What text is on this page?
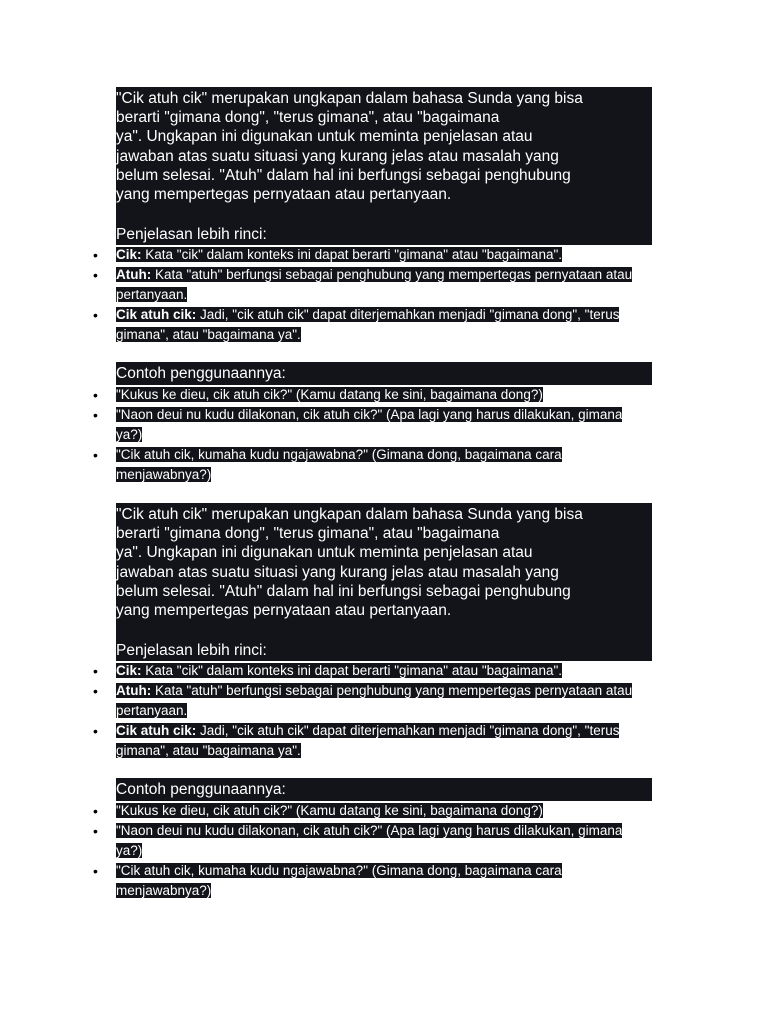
"Cik atuh cik" merupakan ungkapan dalam bahasa Sunda yang bisa
berarti "gimana dong", "terus gimana", atau "bagaimana
ya". Ungkapan ini digunakan untuk meminta penjelasan atau
jawaban atas suatu situasi yang kurang jelas atau masalah yang
belum selesai. "Atuh" dalam hal ini berfungsi sebagai penghubung
yang mempertegas pernyataan atau pertanyaan.

Penjelasan lebih rinci:

• Cik: Kata "cik" dalam konteks ini dapat berarti "gimana" atau "bagaimana".
• Atuh: Kata "atuh" berfungsi sebagai penghubung yang mempertegas pernyataan atau pertanyaan.
• Cik atuh cik: Jadi, "cik atuh cik" dapat diterjemahkan menjadi "gimana dong", "terus gimana", atau "bagaimana ya".
Contoh penggunaannya:
• "Kukus ke dieu, cik atuh cik?" (Kamu datang ke sini, bagaimana dong?)
• "Naon deui nu kudu dilakonan, cik atuh cik?" (Apa lagi yang harus dilakukan, gimana ya?)
• "Cik atuh cik, kumaha kudu ngajawabna?" (Gimana dong, bagaimana cara menjawabnya?)

"Cik atuh cik" merupakan ungkapan dalam bahasa Sunda yang bisa
berarti "gimana dong", "terus gimana", atau "bagaimana
ya". Ungkapan ini digunakan untuk meminta penjelasan atau
jawaban atas suatu situasi yang kurang jelas atau masalah yang
belum selesai. "Atuh" dalam hal ini berfungsi sebagai penghubung
yang mempertegas pernyataan atau pertanyaan.

Penjelasan lebih rinci:

• Cik: Kata "cik" dalam konteks ini dapat berarti "gimana" atau "bagaimana".
• Atuh: Kata "atuh" berfungsi sebagai penghubung yang mempertegas pernyataan atau pertanyaan.
• Cik atuh cik: Jadi, "cik atuh cik" dapat diterjemahkan menjadi "gimana dong", "terus gimana", atau "bagaimana ya".
Contoh penggunaannya:
• "Kukus ke dieu, cik atuh cik?" (Kamu datang ke sini, bagaimana dong?)
• "Naon deui nu kudu dilakonan, cik atuh cik?" (Apa lagi yang harus dilakukan, gimana ya?)
• "Cik atuh cik, kumaha kudu ngajawabna?" (Gimana dong, bagaimana cara menjawabnya?)
